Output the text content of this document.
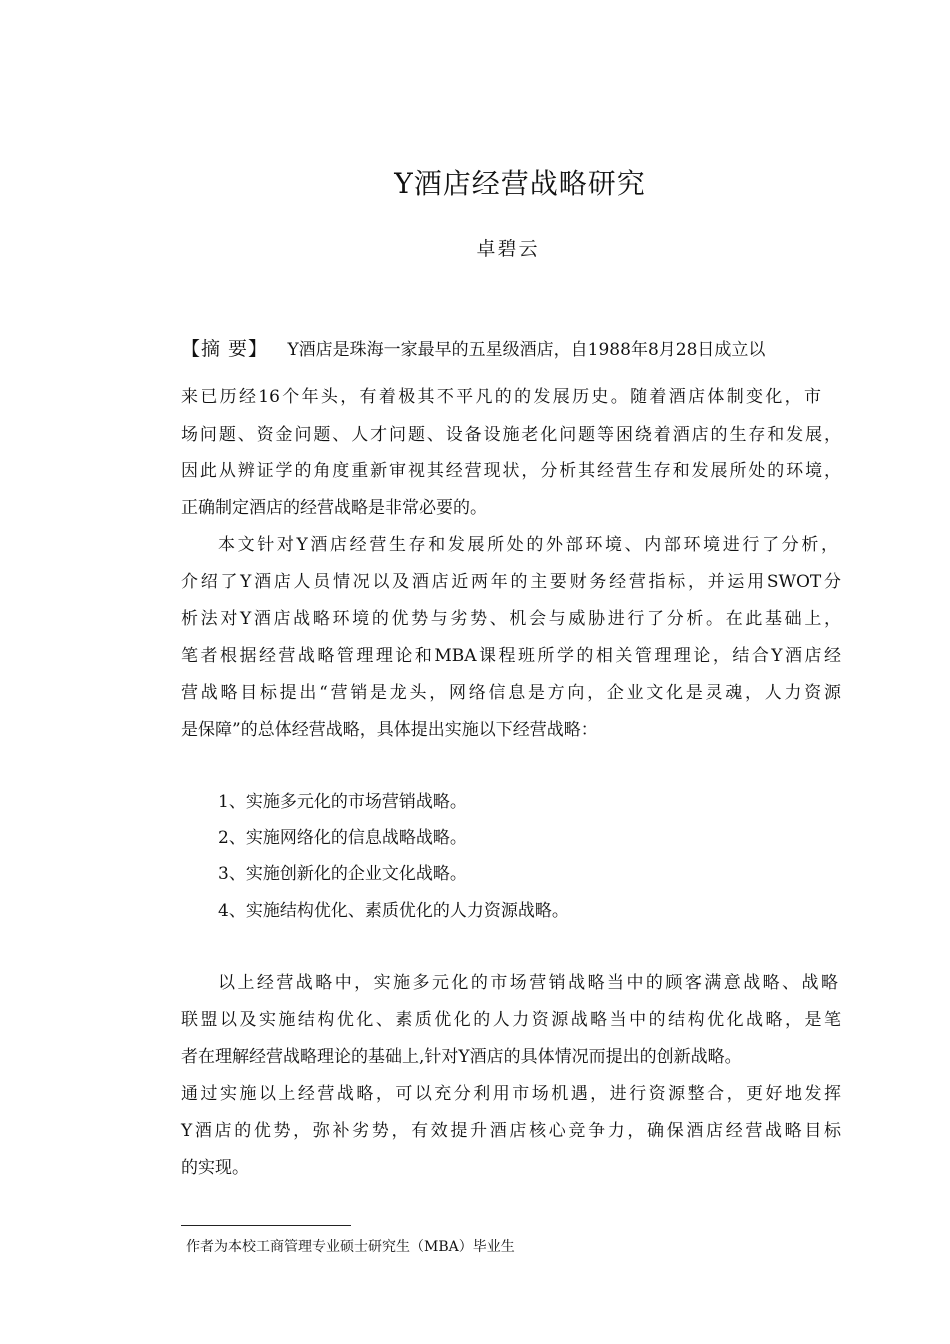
Y酒店经营战略研究
卓碧云
【摘 要】 Y酒店是珠海一家最早的五星级酒店，自1988年8月28日成立以
来已历经16个年头，有着极其不平凡的的发展历史。随着酒店体制变化，市
场问题、资金问题、人才问题、设备设施老化问题等困绕着酒店的生存和发展，
因此从辨证学的角度重新审视其经营现状，分析其经营生存和发展所处的环境，
正确制定酒店的经营战略是非常必要的。
本文针对Y酒店经营生存和发展所处的外部环境、内部环境进行了分析，
介绍了Y酒店人员情况以及酒店近两年的主要财务经营指标，并运用SWOT分
析法对Y酒店战略环境的优势与劣势、机会与威胁进行了分析。在此基础上，
笔者根据经营战略管理理论和MBA课程班所学的相关管理理论，结合Y酒店经
营战略目标提出“营销是龙头，网络信息是方向，企业文化是灵魂，人力资源
是保障”的总体经营战略，具体提出实施以下经营战略：
1、实施多元化的市场营销战略。
2、实施网络化的信息战略战略。
3、实施创新化的企业文化战略。
4、实施结构优化、素质优化的人力资源战略。
以上经营战略中，实施多元化的市场营销战略当中的顾客满意战略、战略
联盟以及实施结构优化、素质优化的人力资源战略当中的结构优化战略，是笔
者在理解经营战略理论的基础上,针对Y酒店的具体情况而提出的创新战略。
通过实施以上经营战略，可以充分利用市场机遇，进行资源整合，更好地发挥
Y酒店的优势，弥补劣势，有效提升酒店核心竞争力，确保酒店经营战略目标
的实现。
作者为本校工商管理专业硕士研究生（MBA）毕业生
